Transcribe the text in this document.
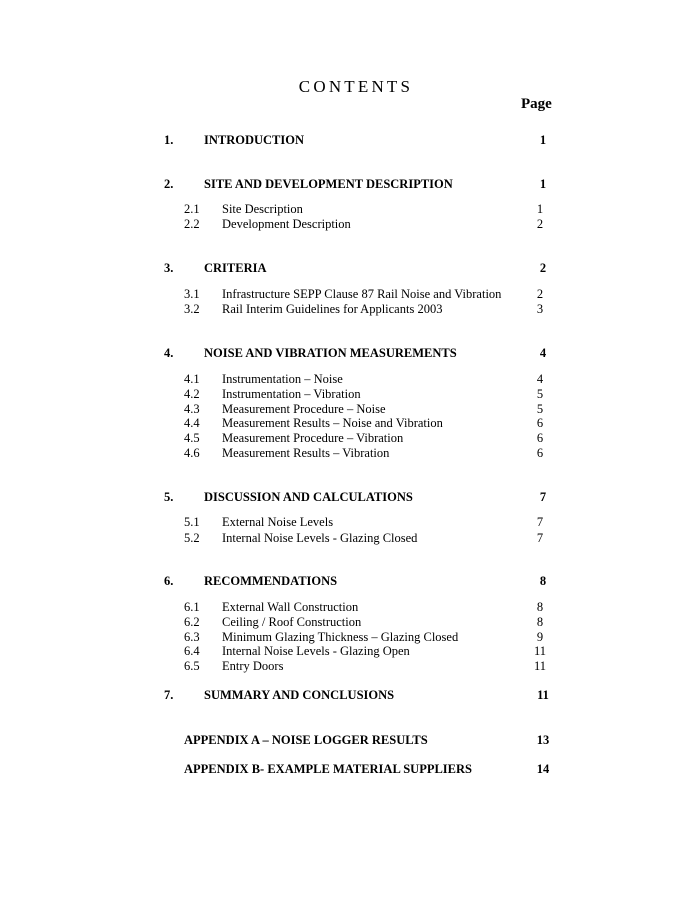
CONTENTS
Page
1. INTRODUCTION	1
2. SITE AND DEVELOPMENT DESCRIPTION	1
2.1 Site Description	1
2.2 Development Description	2
3. CRITERIA	2
3.1 Infrastructure SEPP Clause 87 Rail Noise and Vibration	2
3.2 Rail Interim Guidelines for Applicants 2003	3
4. NOISE AND VIBRATION MEASUREMENTS	4
4.1 Instrumentation – Noise	4
4.2 Instrumentation – Vibration	5
4.3 Measurement Procedure – Noise	5
4.4 Measurement Results – Noise and Vibration	6
4.5 Measurement Procedure – Vibration	6
4.6 Measurement Results – Vibration	6
5. DISCUSSION AND CALCULATIONS	7
5.1 External Noise Levels	7
5.2 Internal Noise Levels - Glazing Closed	7
6. RECOMMENDATIONS	8
6.1 External Wall Construction	8
6.2 Ceiling / Roof Construction	8
6.3 Minimum Glazing Thickness – Glazing Closed	9
6.4 Internal Noise Levels - Glazing Open	11
6.5 Entry Doors	11
7. SUMMARY AND CONCLUSIONS	11
APPENDIX A – NOISE LOGGER RESULTS	13
APPENDIX B- EXAMPLE MATERIAL SUPPLIERS	14
